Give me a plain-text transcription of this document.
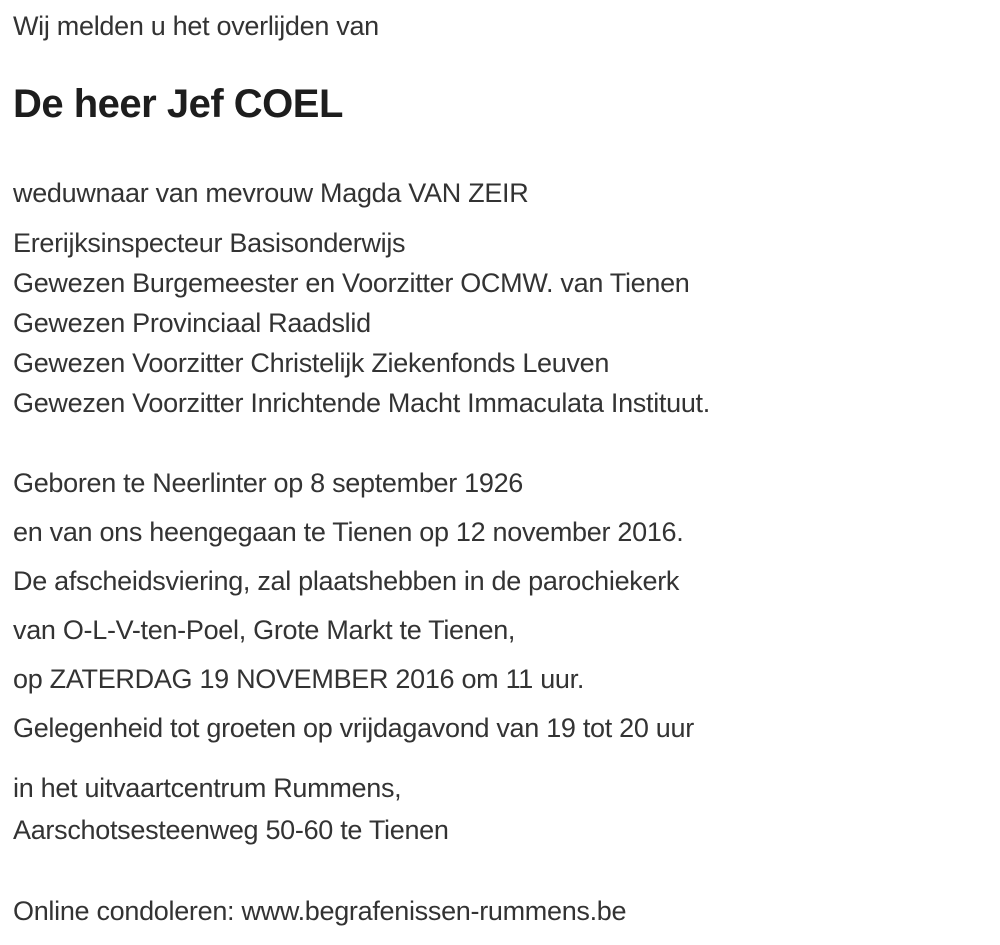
Wij melden u het overlijden van

De heer Jef COEL

weduwnaar van mevrouw Magda VAN ZEIR

Ererijksinspecteur Basisonderwijs

Gewezen Burgemeester en Voorzitter OCMW. van Tienen

Gewezen Provinciaal Raadslid

Gewezen Voorzitter Christelijk Ziekenfonds Leuven

Gewezen Voorzitter Inrichtende Macht Immaculata Instituut.

Geboren te Neerlinter op 8 september 1926

en van ons heengegaan te Tienen op 12 november 2016.

De afscheidsviering, zal plaatshebben in de parochiekerk

van O-L-V-ten-Poel, Grote Markt te Tienen,

op ZATERDAG 19 NOVEMBER 2016 om 11 uur.

Gelegenheid tot groeten op vrijdagavond van 19 tot 20 uur

in het uitvaartcentrum Rummens,

Aarschotsesteenweg 50-60 te Tienen

Online condoleren: www.begrafenissen-rummens.be
